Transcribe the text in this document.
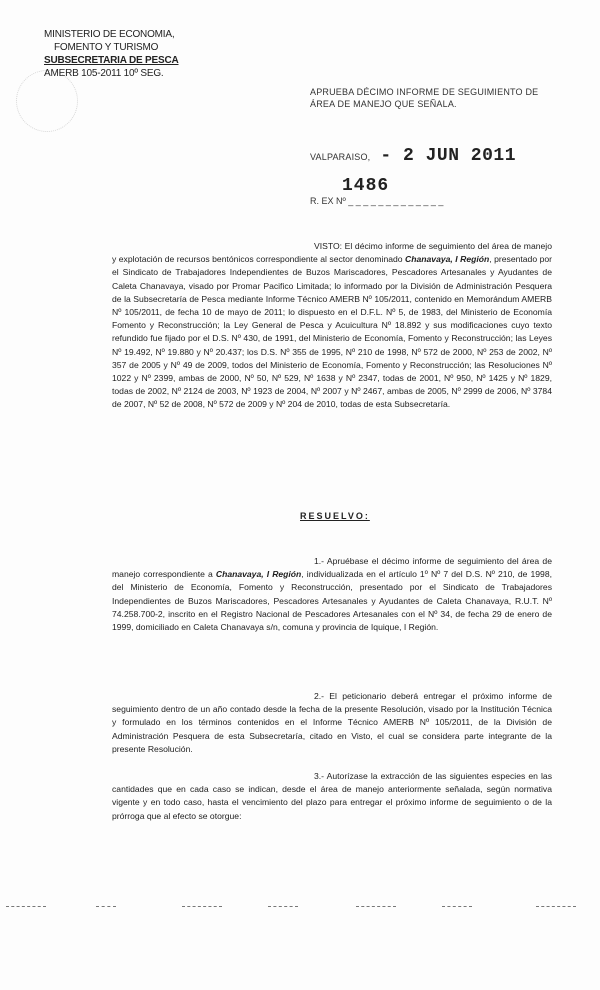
MINISTERIO DE ECONOMIA,
FOMENTO Y TURISMO
SUBSECRETARIA DE PESCA
AMERB 105-2011 10º SEG.
APRUEBA DÉCIMO INFORME DE SEGUIMIENTO DE ÁREA DE MANEJO QUE SEÑALA.
VALPARAISO, - 2 JUN 2011
1486
R. EX Nº _ _ _ _ _ _ _ _ _ _ _ _ _
VISTO: El décimo informe de seguimiento del área de manejo y explotación de recursos bentónicos correspondiente al sector denominado Chanavaya, I Región, presentado por el Sindicato de Trabajadores Independientes de Buzos Mariscadores, Pescadores Artesanales y Ayudantes de Caleta Chanavaya, visado por Promar Pacifico Limitada; lo informado por la División de Administración Pesquera de la Subsecretaría de Pesca mediante Informe Técnico AMERB Nº 105/2011, contenido en Memorándum AMERB Nº 105/2011, de fecha 10 de mayo de 2011; lo dispuesto en el D.F.L. Nº 5, de 1983, del Ministerio de Economía Fomento y Reconstrucción; la Ley General de Pesca y Acuicultura Nº 18.892 y sus modificaciones cuyo texto refundido fue fijado por el D.S. Nº 430, de 1991, del Ministerio de Economía, Fomento y Reconstrucción; las Leyes Nº 19.492, Nº 19.880 y Nº 20.437; los D.S. Nº 355 de 1995, Nº 210 de 1998, Nº 572 de 2000, Nº 253 de 2002, Nº 357 de 2005 y Nº 49 de 2009, todos del Ministerio de Economía, Fomento y Reconstrucción; las Resoluciones Nº 1022 y Nº 2399, ambas de 2000, Nº 50, Nº 529, Nº 1638 y Nº 2347, todas de 2001, Nº 950, Nº 1425 y Nº 1829, todas de 2002, Nº 2124 de 2003, Nº 1923 de 2004, Nº 2007 y Nº 2467, ambas de 2005, Nº 2999 de 2006, Nº 3784 de 2007, Nº 52 de 2008, Nº 572 de 2009 y Nº 204 de 2010, todas de esta Subsecretaría.
RESUELVO:
1.- Apruébase el décimo informe de seguimiento del área de manejo correspondiente a Chanavaya, I Región, individualizada en el artículo 1º Nº 7 del D.S. Nº 210, de 1998, del Ministerio de Economía, Fomento y Reconstrucción, presentado por el Sindicato de Trabajadores Independientes de Buzos Mariscadores, Pescadores Artesanales y Ayudantes de Caleta Chanavaya, R.U.T. Nº 74.258.700-2, inscrito en el Registro Nacional de Pescadores Artesanales con el Nº 34, de fecha 29 de enero de 1999, domiciliado en Caleta Chanavaya s/n, comuna y provincia de Iquique, I Región.
2.- El peticionario deberá entregar el próximo informe de seguimiento dentro de un año contado desde la fecha de la presente Resolución, visado por la Institución Técnica y formulado en los términos contenidos en el Informe Técnico AMERB Nº 105/2011, de la División de Administración Pesquera de esta Subsecretaría, citado en Visto, el cual se considera parte integrante de la presente Resolución.
3.- Autorízase la extracción de las siguientes especies en las cantidades que en cada caso se indican, desde el área de manejo anteriormente señalada, según normativa vigente y en todo caso, hasta el vencimiento del plazo para entregar el próximo informe de seguimiento o de la prórroga que al efecto se otorgue:
